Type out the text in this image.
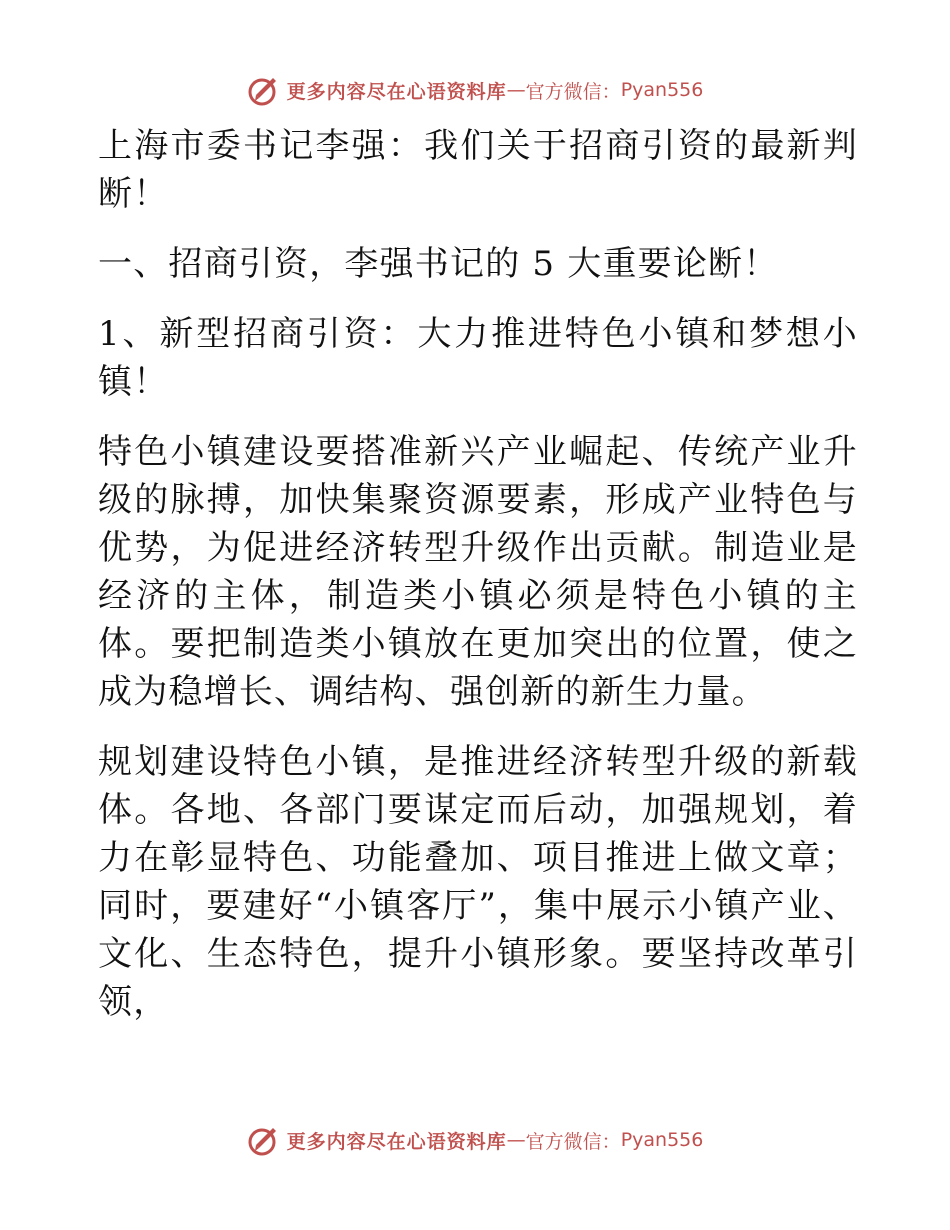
更多内容尽在心语资料库 — 官方微信： Pyan556

上海市委书记李强：我们关于招商引资的最新判断！

一、招商引资，李强书记的 5 大重要论断！

1、新型招商引资：大力推进特色小镇和梦想小镇！

特色小镇建设要搭准新兴产业崛起、传统产业升级的脉搏，加快集聚资源要素，形成产业特色与优势，为促进经济转型升级作出贡献。制造业是经济的主体，制造类小镇必须是特色小镇的主体。要把制造类小镇放在更加突出的位置，使之成为稳增长、调结构、强创新的新生力量。

规划建设特色小镇，是推进经济转型升级的新载体。各地、各部门要谋定而后动，加强规划，着力在彰显特色、功能叠加、项目推进上做文章；同时，要建好“小镇客厅”，集中展示小镇产业、文化、生态特色，提升小镇形象。要坚持改革引领，

更多内容尽在心语资料库 — 官方微信： Pyan556
